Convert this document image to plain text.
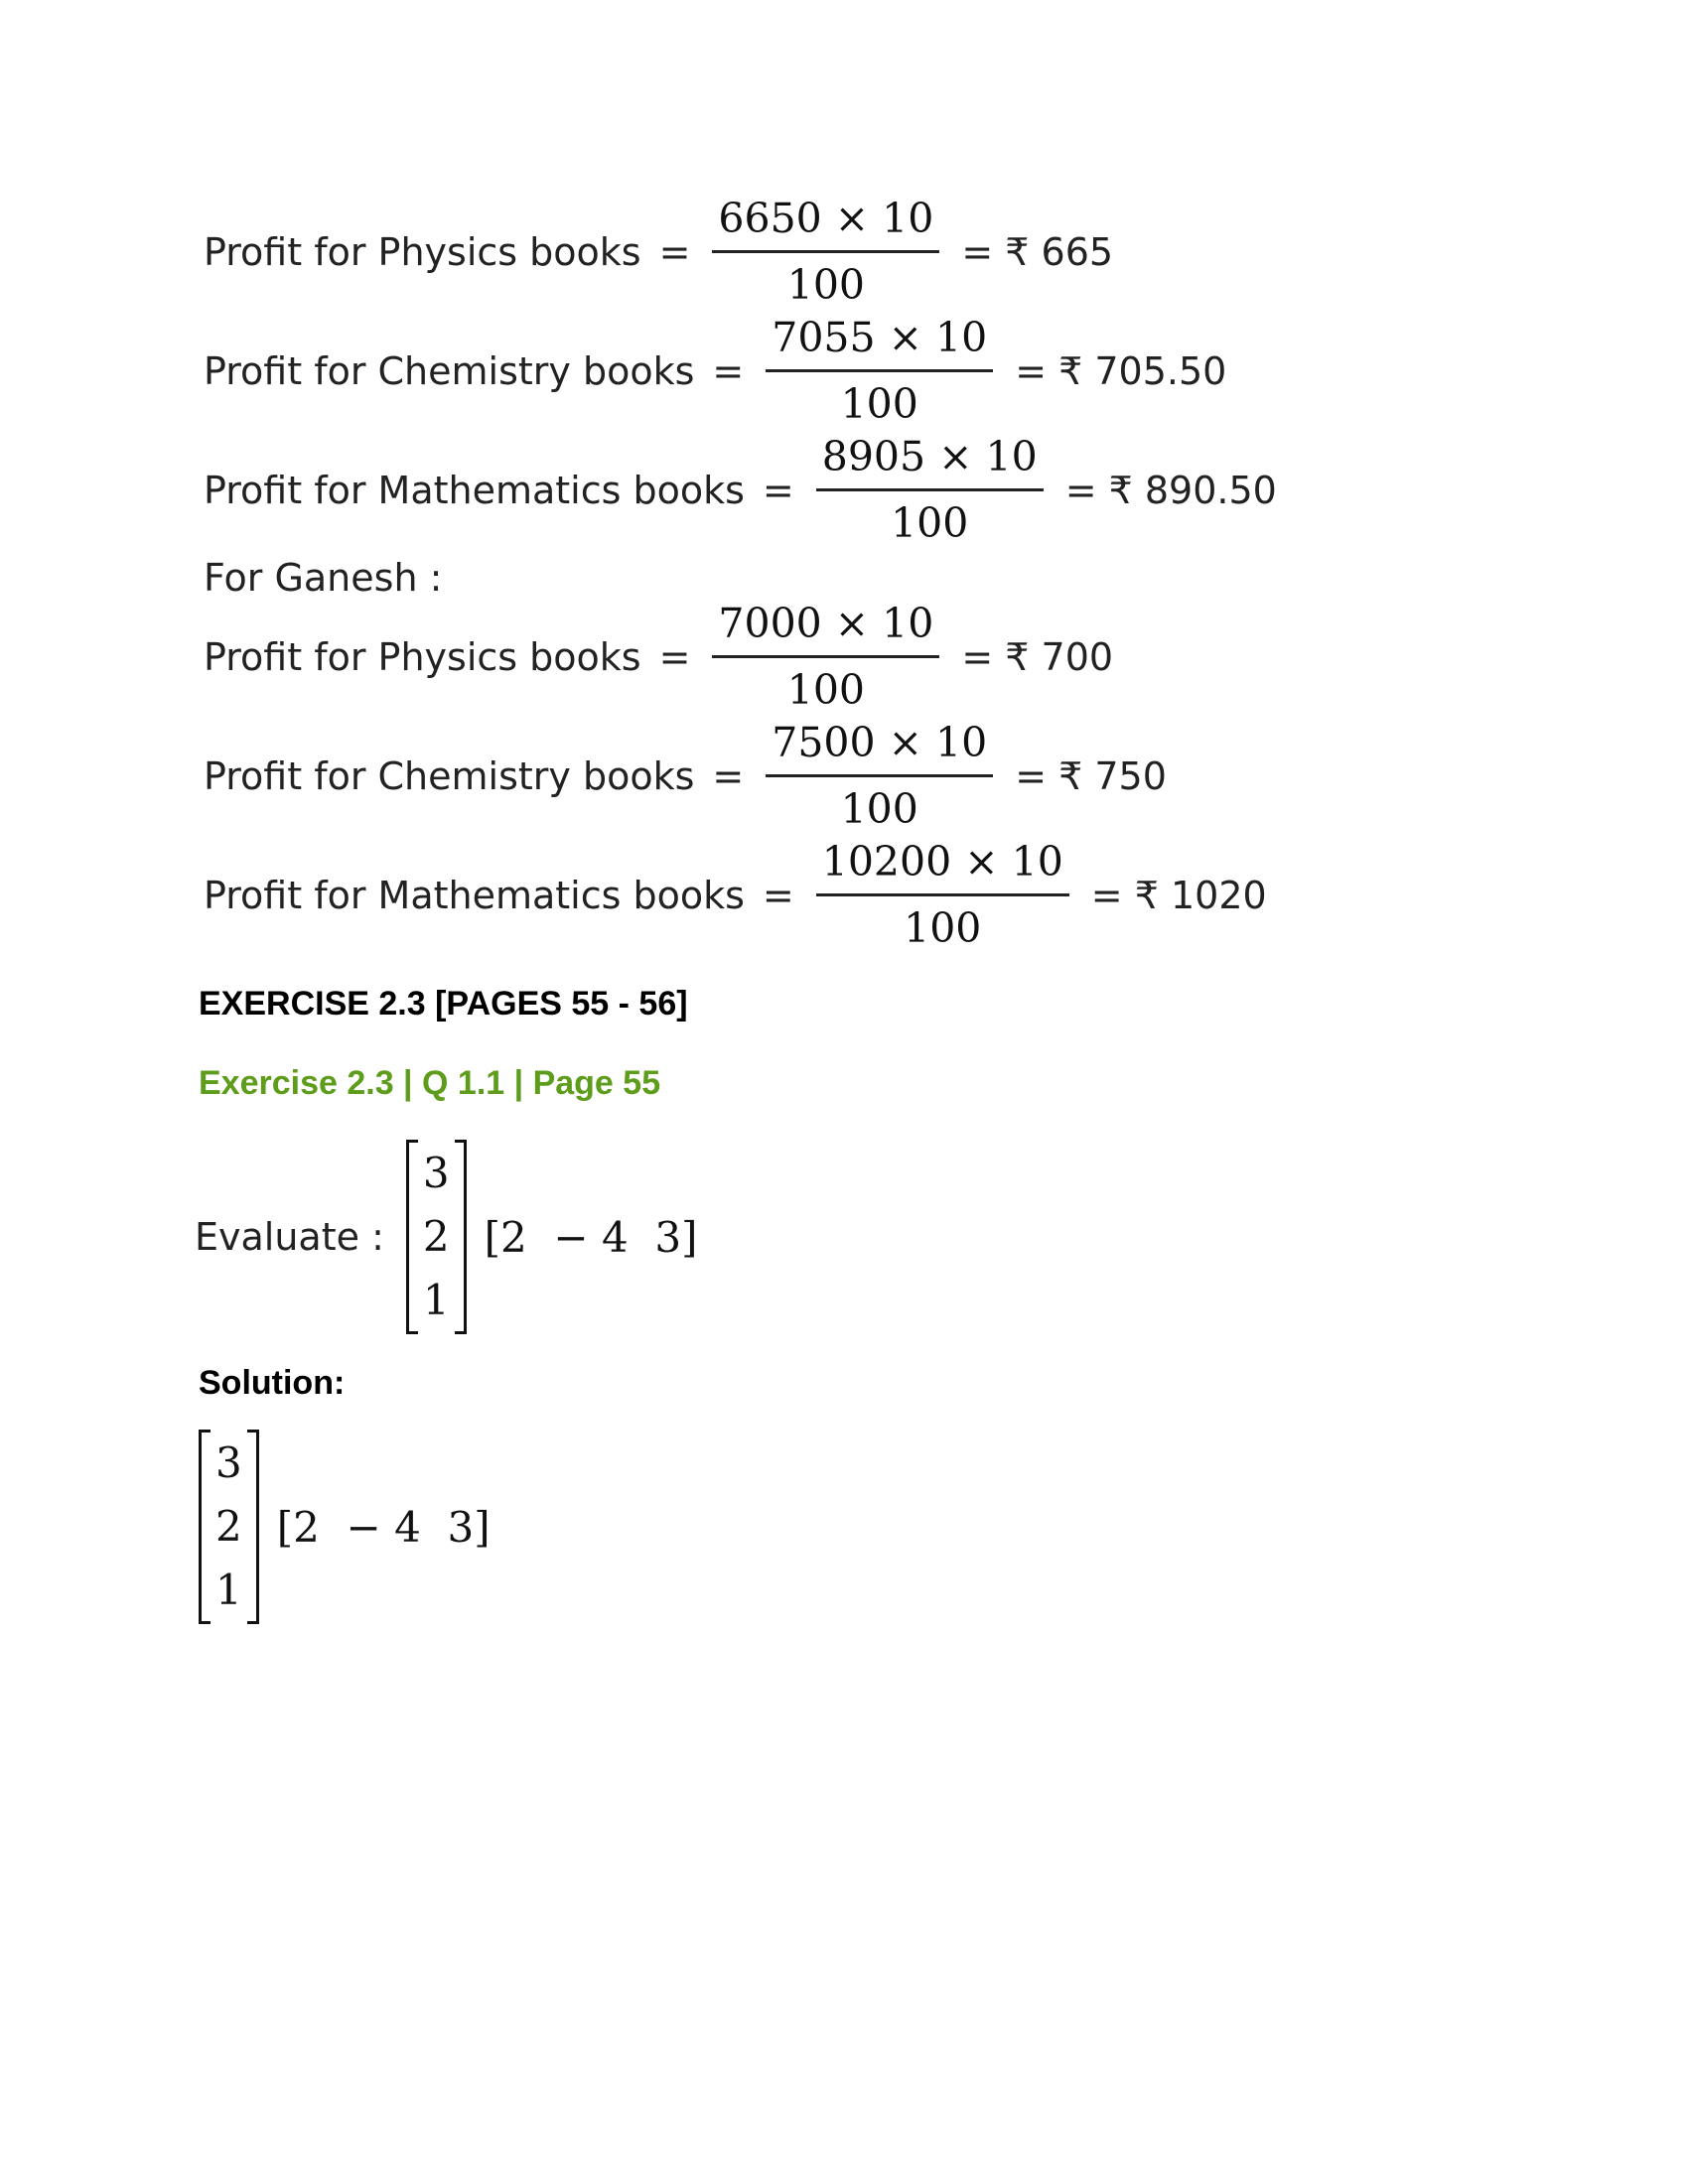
Profit for Physics books = $\frac{6650 \times 10}{100}$ = ₹ 665
Profit for Chemistry books = $\frac{7055 \times 10}{100}$ = ₹ 705.50
Profit for Mathematics books = $\frac{8905 \times 10}{100}$ = ₹ 890.50
For Ganesh :
Profit for Physics books = $\frac{7000 \times 10}{100}$ = ₹ 700
Profit for Chemistry books = $\frac{7500 \times 10}{100}$ = ₹ 750
Profit for Mathematics books = $\frac{10200 \times 10}{100}$ = ₹ 1020
EXERCISE 2.3 [PAGES 55 - 56]
Exercise 2.3 | Q 1.1 | Page 55
Evaluate :
3
2
1
[2  − 4  3]
Solution:
3
2
1
[2  − 4  3]
